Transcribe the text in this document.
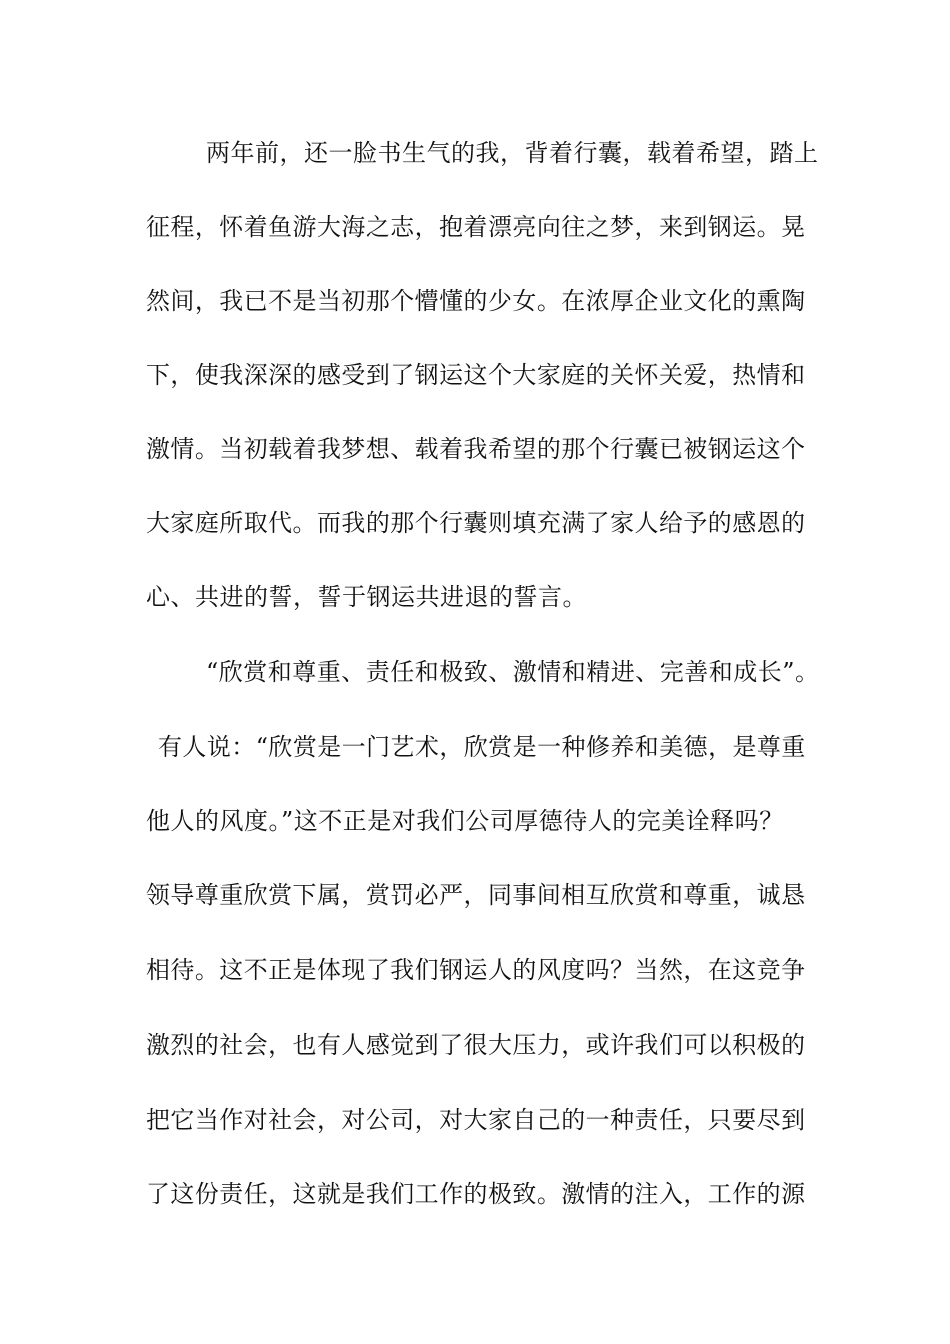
两年前，还一脸书生气的我，背着行囊，载着希望，踏上
征程，怀着鱼游大海之志，抱着漂亮向往之梦，来到钢运。晃
然间，我已不是当初那个懵懂的少女。在浓厚企业文化的熏陶
下，使我深深的感受到了钢运这个大家庭的关怀关爱，热情和
激情。当初载着我梦想、载着我希望的那个行囊已被钢运这个
大家庭所取代。而我的那个行囊则填充满了家人给予的感恩的
心、共进的誓，誓于钢运共进退的誓言。
“欣赏和尊重、责任和极致、激情和精进、完善和成长”。
有人说：“欣赏是一门艺术，欣赏是一种修养和美德，是尊重
他人的风度。”这不正是对我们公司厚德待人的完美诠释吗？
领导尊重欣赏下属，赏罚必严，同事间相互欣赏和尊重，诚恳
相待。这不正是体现了我们钢运人的风度吗？当然，在这竞争
激烈的社会，也有人感觉到了很大压力，或许我们可以积极的
把它当作对社会，对公司，对大家自己的一种责任，只要尽到
了这份责任，这就是我们工作的极致。激情的注入，工作的源
